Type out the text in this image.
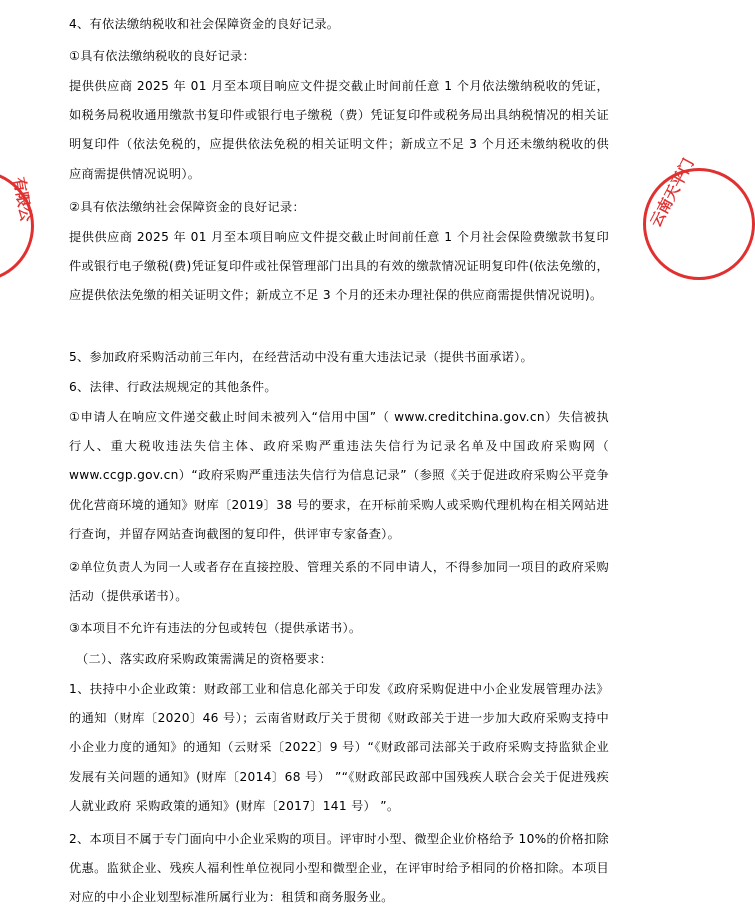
4、有依法缴纳税收和社会保障资金的良好记录。

①具有依法缴纳税收的良好记录：

提供供应商 2025 年 01 月至本项目响应文件提交截止时间前任意 1 个月依法缴纳税收的凭证，如税务局税收通用缴款书复印件或银行电子缴税（费）凭证复印件或税务局出具纳税情况的相关证明复印件（依法免税的，应提供依法免税的相关证明文件；新成立不足 3 个月还未缴纳税收的供应商需提供情况说明）。

②具有依法缴纳社会保障资金的良好记录：

提供供应商 2025 年 01 月至本项目响应文件提交截止时间前任意 1 个月社会保险费缴款书复印件或银行电子缴税(费)凭证复印件或社保管理部门出具的有效的缴款情况证明复印件(依法免缴的，应提供依法免缴的相关证明文件；新成立不足 3 个月的还未办理社保的供应商需提供情况说明)。

5、参加政府采购活动前三年内，在经营活动中没有重大违法记录（提供书面承诺）。

6、法律、行政法规规定的其他条件。

①申请人在响应文件递交截止时间未被列入“信用中国”（ www.creditchina.gov.cn）失信被执行人、重大税收违法失信主体、政府采购严重违法失信行为记录名单及中国政府采购网（ www.ccgp.gov.cn）“政府采购严重违法失信行为信息记录”（参照《关于促进政府采购公平竞争优化营商环境的通知》财库〔2019〕38 号的要求，在开标前采购人或采购代理机构在相关网站进行查询，并留存网站查询截图的复印件，供评审专家备查）。

②单位负责人为同一人或者存在直接控股、管理关系的不同申请人，不得参加同一项目的政府采购活动（提供承诺书）。

③本项目不允许有违法的分包或转包（提供承诺书）。

（二）、落实政府采购政策需满足的资格要求：

1、扶持中小企业政策：财政部工业和信息化部关于印发《政府采购促进中小企业发展管理办法》的通知（财库〔2020〕46 号）；云南省财政厅关于贯彻《财政部关于进一步加大政府采购支持中小企业力度的通知》的通知（云财采〔2022〕9 号）“《财政部司法部关于政府采购支持监狱企业发展有关问题的通知》(财库〔2014〕68 号） ”“《财政部民政部中国残疾人联合会关于促进残疾人就业政府 采购政策的通知》(财库〔2017〕141 号） ”。

2、本项目不属于专门面向中小企业采购的项目。评审时小型、微型企业价格给予 10%的价格扣除优惠。监狱企业、残疾人福利性单位视同小型和微型企业，在评审时给予相同的价格扣除。本项目对应的中小企业划型标准所属行业为：租赁和商务服务业。

有限公	云南天平门
